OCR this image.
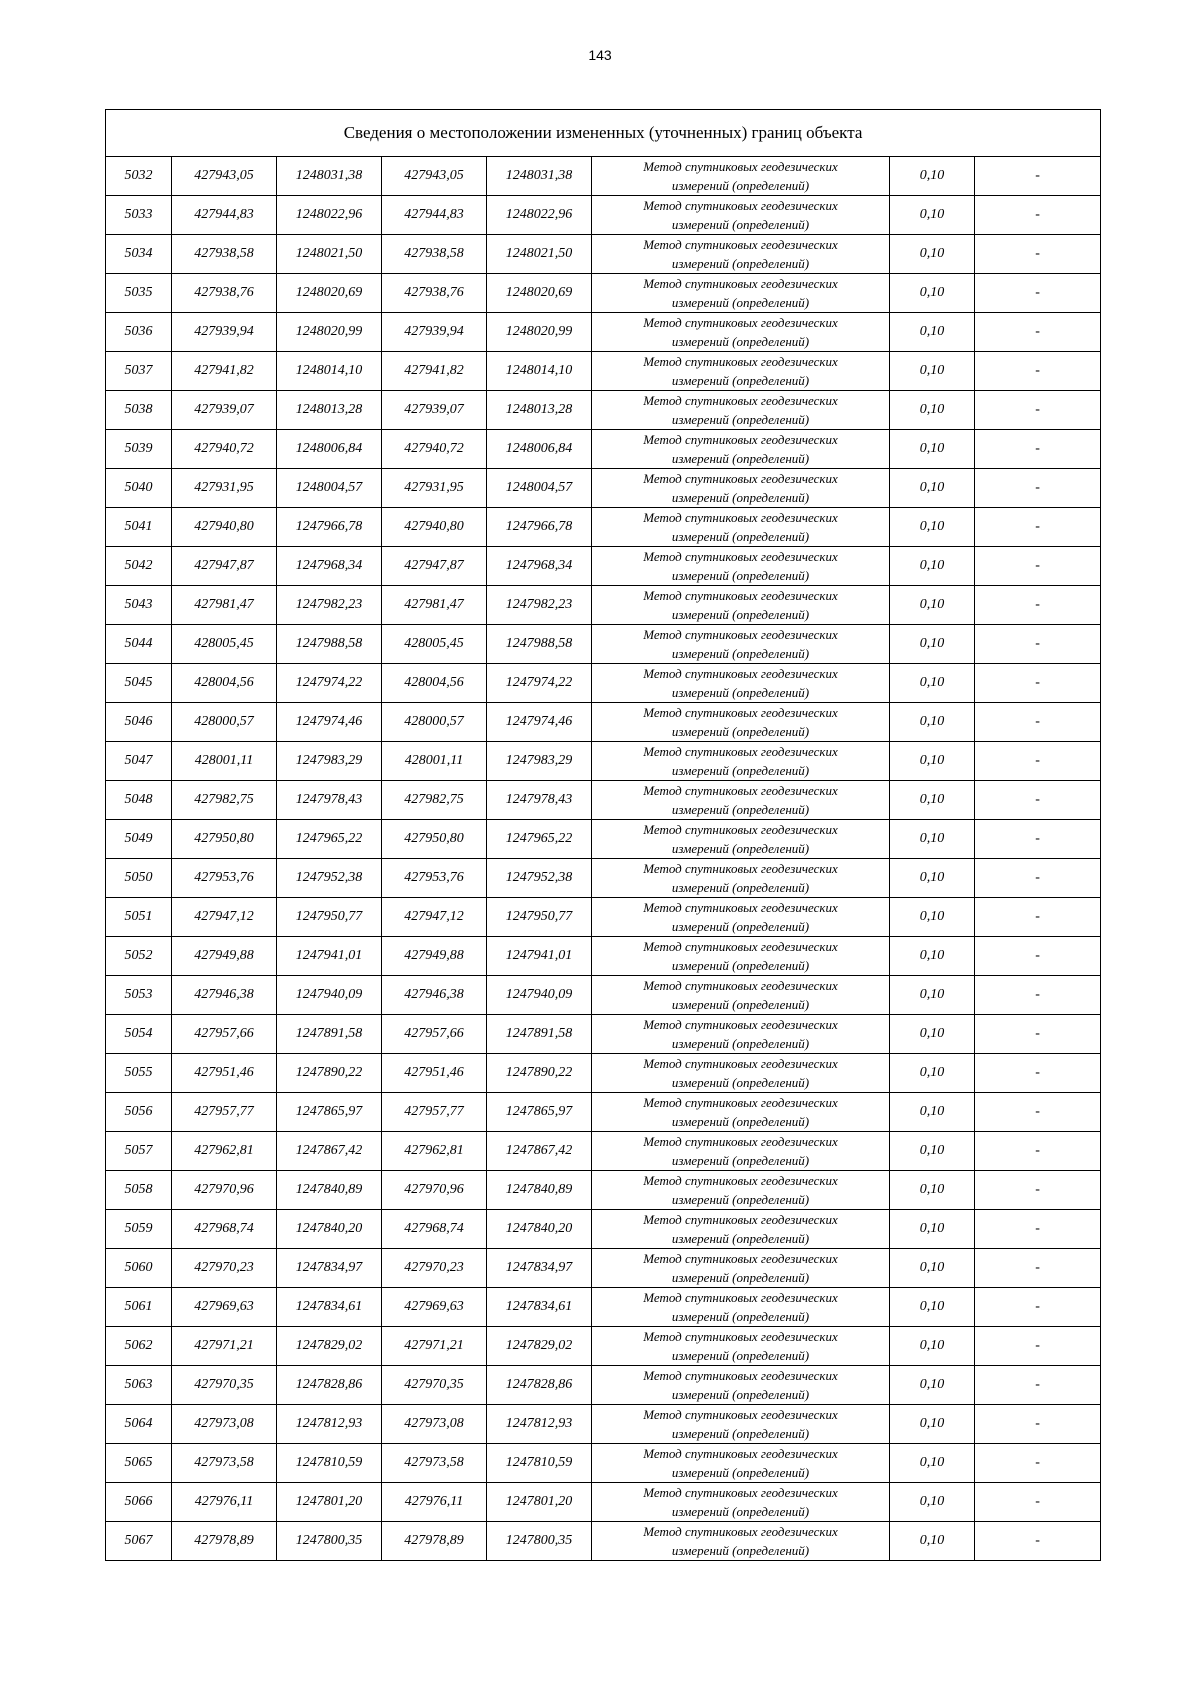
143
Сведения о местоположении измененных (уточненных) границ объекта							
5032	427943,05	1248031,38	427943,05	1248031,38	Метод спутниковых геодезических
измерений (определений)	0,10	-
5033	427944,83	1248022,96	427944,83	1248022,96	Метод спутниковых геодезических
измерений (определений)	0,10	-
5034	427938,58	1248021,50	427938,58	1248021,50	Метод спутниковых геодезических
измерений (определений)	0,10	-
5035	427938,76	1248020,69	427938,76	1248020,69	Метод спутниковых геодезических
измерений (определений)	0,10	-
5036	427939,94	1248020,99	427939,94	1248020,99	Метод спутниковых геодезических
измерений (определений)	0,10	-
5037	427941,82	1248014,10	427941,82	1248014,10	Метод спутниковых геодезических
измерений (определений)	0,10	-
5038	427939,07	1248013,28	427939,07	1248013,28	Метод спутниковых геодезических
измерений (определений)	0,10	-
5039	427940,72	1248006,84	427940,72	1248006,84	Метод спутниковых геодезических
измерений (определений)	0,10	-
5040	427931,95	1248004,57	427931,95	1248004,57	Метод спутниковых геодезических
измерений (определений)	0,10	-
5041	427940,80	1247966,78	427940,80	1247966,78	Метод спутниковых геодезических
измерений (определений)	0,10	-
5042	427947,87	1247968,34	427947,87	1247968,34	Метод спутниковых геодезических
измерений (определений)	0,10	-
5043	427981,47	1247982,23	427981,47	1247982,23	Метод спутниковых геодезических
измерений (определений)	0,10	-
5044	428005,45	1247988,58	428005,45	1247988,58	Метод спутниковых геодезических
измерений (определений)	0,10	-
5045	428004,56	1247974,22	428004,56	1247974,22	Метод спутниковых геодезических
измерений (определений)	0,10	-
5046	428000,57	1247974,46	428000,57	1247974,46	Метод спутниковых геодезических
измерений (определений)	0,10	-
5047	428001,11	1247983,29	428001,11	1247983,29	Метод спутниковых геодезических
измерений (определений)	0,10	-
5048	427982,75	1247978,43	427982,75	1247978,43	Метод спутниковых геодезических
измерений (определений)	0,10	-
5049	427950,80	1247965,22	427950,80	1247965,22	Метод спутниковых геодезических
измерений (определений)	0,10	-
5050	427953,76	1247952,38	427953,76	1247952,38	Метод спутниковых геодезических
измерений (определений)	0,10	-
5051	427947,12	1247950,77	427947,12	1247950,77	Метод спутниковых геодезических
измерений (определений)	0,10	-
5052	427949,88	1247941,01	427949,88	1247941,01	Метод спутниковых геодезических
измерений (определений)	0,10	-
5053	427946,38	1247940,09	427946,38	1247940,09	Метод спутниковых геодезических
измерений (определений)	0,10	-
5054	427957,66	1247891,58	427957,66	1247891,58	Метод спутниковых геодезических
измерений (определений)	0,10	-
5055	427951,46	1247890,22	427951,46	1247890,22	Метод спутниковых геодезических
измерений (определений)	0,10	-
5056	427957,77	1247865,97	427957,77	1247865,97	Метод спутниковых геодезических
измерений (определений)	0,10	-
5057	427962,81	1247867,42	427962,81	1247867,42	Метод спутниковых геодезических
измерений (определений)	0,10	-
5058	427970,96	1247840,89	427970,96	1247840,89	Метод спутниковых геодезических
измерений (определений)	0,10	-
5059	427968,74	1247840,20	427968,74	1247840,20	Метод спутниковых геодезических
измерений (определений)	0,10	-
5060	427970,23	1247834,97	427970,23	1247834,97	Метод спутниковых геодезических
измерений (определений)	0,10	-
5061	427969,63	1247834,61	427969,63	1247834,61	Метод спутниковых геодезических
измерений (определений)	0,10	-
5062	427971,21	1247829,02	427971,21	1247829,02	Метод спутниковых геодезических
измерений (определений)	0,10	-
5063	427970,35	1247828,86	427970,35	1247828,86	Метод спутниковых геодезических
измерений (определений)	0,10	-
5064	427973,08	1247812,93	427973,08	1247812,93	Метод спутниковых геодезических
измерений (определений)	0,10	-
5065	427973,58	1247810,59	427973,58	1247810,59	Метод спутниковых геодезических
измерений (определений)	0,10	-
5066	427976,11	1247801,20	427976,11	1247801,20	Метод спутниковых геодезических
измерений (определений)	0,10	-
5067	427978,89	1247800,35	427978,89	1247800,35	Метод спутниковых геодезических
измерений (определений)	0,10	-
